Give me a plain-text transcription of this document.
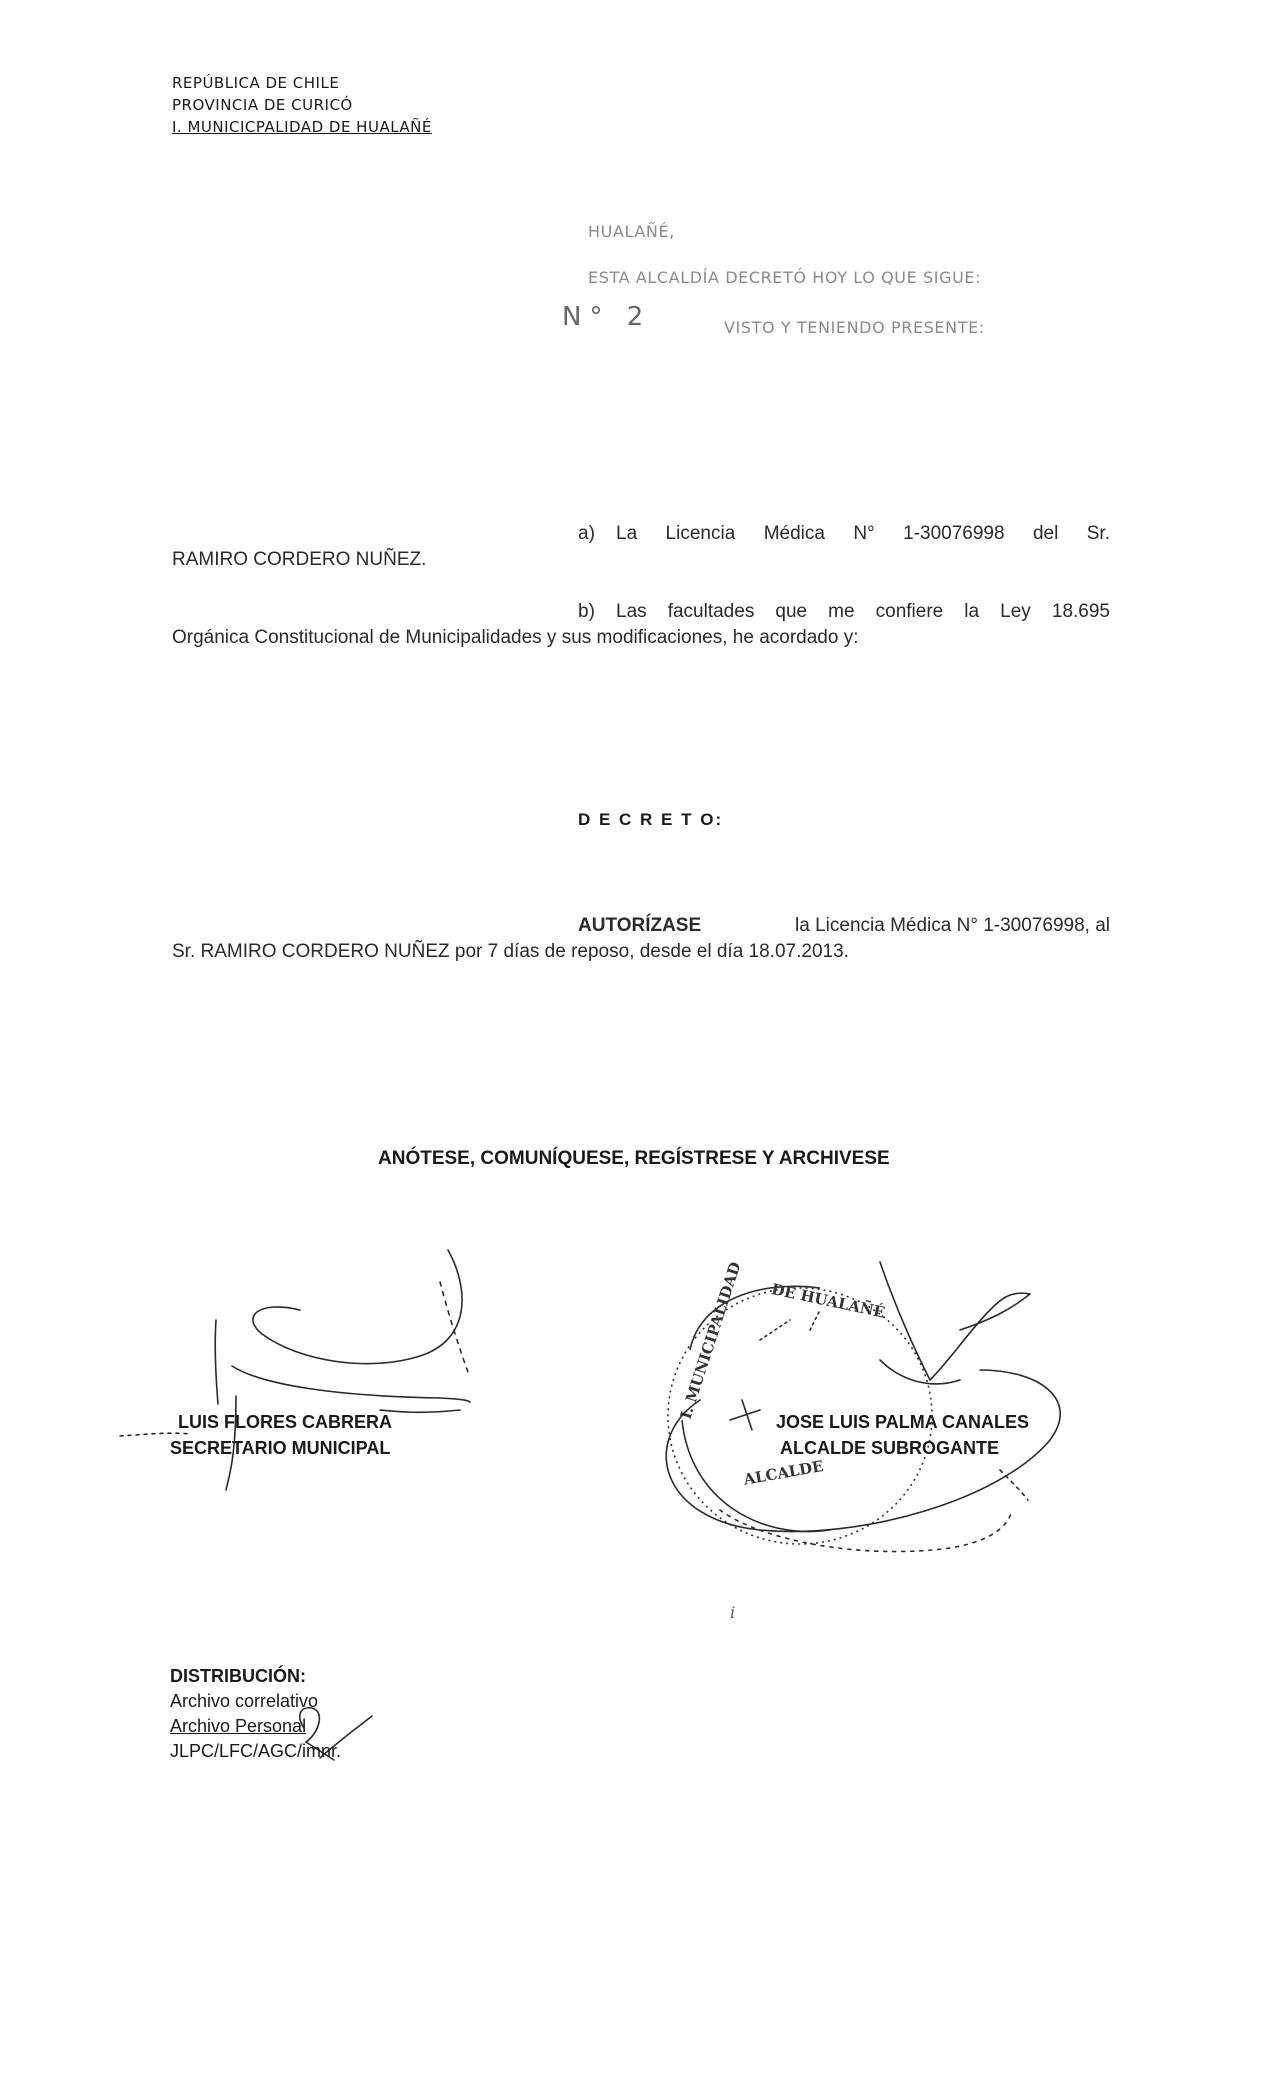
REPÚBLICA DE CHILE
PROVINCIA DE CURICÓ
I. MUNICICPALIDAD DE HUALAÑÉ
HUALAÑÉ,
ESTA ALCALDÍA DECRETÓ HOY LO QUE SIGUE:
N° 2	VISTO Y TENIENDO PRESENTE:
a) La Licencia Médica N° 1-30076998 del Sr.
RAMIRO CORDERO NUÑEZ.
b) Las facultades que me confiere la Ley 18.695
Orgánica Constitucional de Municipalidades y sus modificaciones, he acordado y:
D E C R E T O:
AUTORÍZASE	la Licencia Médica N° 1-30076998, al
Sr. RAMIRO CORDERO NUÑEZ por 7 días de reposo, desde el día 18.07.2013.
ANÓTESE, COMUNÍQUESE, REGÍSTRESE Y ARCHIVESE
LUIS FLORES CABRERA
SECRETARIO MUNICIPAL
JOSE LUIS PALMA CANALES
ALCALDE SUBROGANTE
DE HUALAÑÉ
I. MUNICIPALIDAD
ALCALDE
i
DISTRIBUCIÓN:
Archivo correlativo
Archivo Personal
JLPC/LFC/AGC/imnr.
